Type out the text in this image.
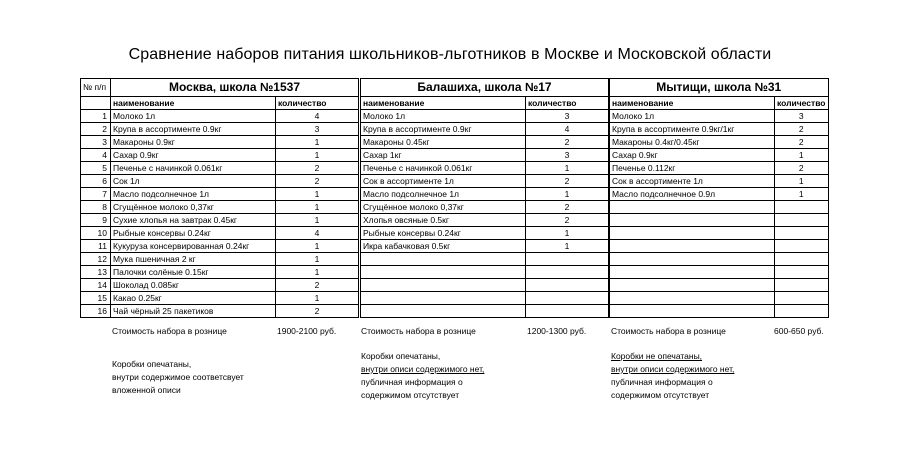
Сравнение наборов питания школьников-льготников в Москве и Московской области
№ п/п	Москва, школа №1537	
	наименование	количество
1	Молоко 1л	4
2	Крупа в ассортименте 0.9кг	3
3	Макароны 0.9кг	1
4	Сахар 0.9кг	1
5	Печенье с начинкой 0.061кг	2
6	Сок 1л	2
7	Масло подсолнечное 1л	1
8	Сгущённое молоко 0,37кг	1
9	Сухие хлопья на завтрак 0.45кг	1
10	Рыбные консервы 0.24кг	4
11	Кукуруза консервированная 0.24кг	1
12	Мука пшеничная 2 кг	1
13	Палочки солёные 0.15кг	1
14	Шоколад 0.085кг	2
15	Какао 0.25кг	1
16	Чай чёрный 25 пакетиков	2
Балашиха, школа №17	
наименование	количество
Молоко 1л	3
Крупа в ассортименте 0.9кг	4
Макароны 0.45кг	2
Сахар 1кг	3
Печенье с начинкой 0.061кг	1
Сок в ассортименте 1л	2
Масло подсолнечное 1л	1
Сгущённое молоко 0,37кг	2
Хлопья овсяные 0.5кг	2
Рыбные консервы 0.24кг	1
Икра кабачковая 0.5кг	1

Мытищи, школа №31	
наименование	количество
Молоко 1л	3
Крупа в ассортименте 0.9кг/1кг	2
Макароны 0.4кг/0.45кг	2
Сахар 0.9кг	1
Печенье 0.112кг	2
Сок в ассортименте 1л	1
Масло подсолнечное 0.9л	1

Стоимость набора в рознице	1900-2100 руб.	Стоимость набора в рознице	1200-1300 руб.	Стоимость набора в рознице	600-650 руб.
Коробки опечатаны,
внутри содержимое соответсвует
вложенной описи
Коробки опечатаны,
внутри описи содержимого нет,
публичная информация о
содержимом отсутствует
Коробки не опечатаны,
внутри описи содержимого нет,
публичная информация о
содержимом отсутствует
